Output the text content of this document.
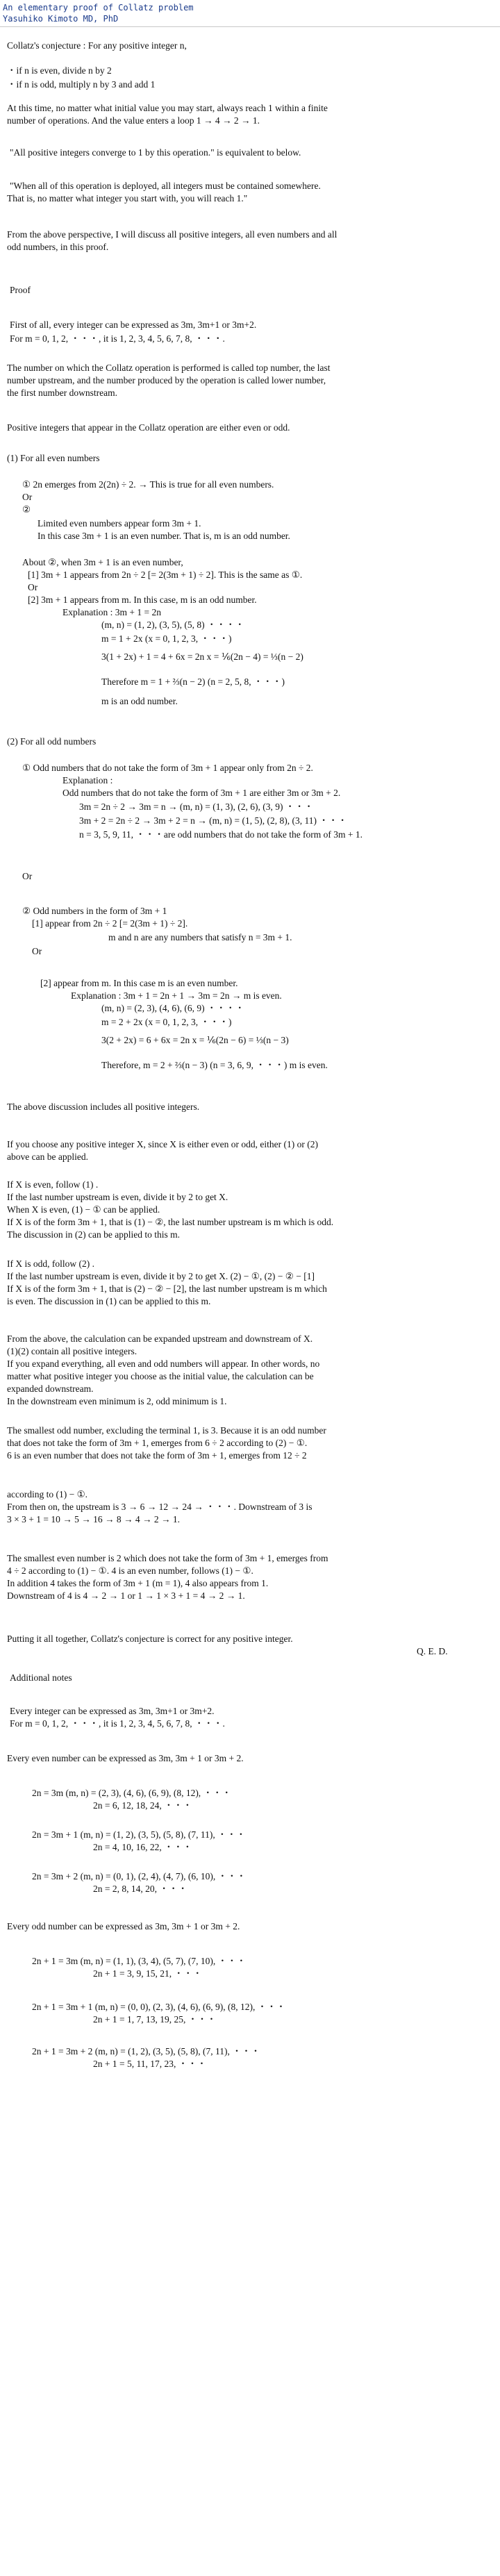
An elementary proof of Collatz problem
Yasuhiko Kimoto MD, PhD
Collatz's conjecture : For any positive integer n,
・if n is even, divide n by 2
・if n is odd, multiply n by 3 and add 1
At this time, no matter what initial value you may start, always reach 1 within a finite
number of operations. And the value enters a loop 1 → 4 → 2 → 1.
"All positive integers converge to 1 by this operation." is equivalent to below.
"When all of this operation is deployed, all integers must be contained somewhere.
That is, no matter what integer you start with, you will reach 1."
From the above perspective, I will discuss all positive integers, all even numbers and all
odd numbers, in this proof.
Proof
First of all, every integer can be expressed as 3m, 3m+1 or 3m+2.
For m = 0, 1, 2, ・・・, it is 1, 2, 3, 4, 5, 6, 7, 8, ・・・.
The number on which the Collatz operation is performed is called top number, the last
number upstream, and the number produced by the operation is called lower number,
the first number downstream.
Positive integers that appear in the Collatz operation are either even or odd.
(1) For all even numbers
① 2n emerges from 2(2n) ÷ 2. → This is true for all even numbers.
Or
②
Limited even numbers appear form 3m + 1.
In this case 3m + 1 is an even number. That is, m is an odd number.
About ②, when 3m + 1 is an even number,
[1] 3m + 1 appears from 2n ÷ 2 [= 2(3m + 1) ÷ 2]. This is the same as ①.
Or
[2] 3m + 1 appears from m. In this case, m is an odd number.
Explanation : 3m + 1 = 2n
(m, n) = (1, 2), (3, 5), (5, 8) ・・・・
m = 1 + 2x (x = 0, 1, 2, 3, ・・・)
3(1 + 2x) + 1 = 4 + 6x = 2n x = ⅙(2n − 4) = ⅓(n − 2)
Therefore m = 1 + ⅔(n − 2) (n = 2, 5, 8, ・・・)
m is an odd number.
(2) For all odd numbers
① Odd numbers that do not take the form of 3m + 1 appear only from 2n ÷ 2.
Explanation :
Odd numbers that do not take the form of 3m + 1 are either 3m or 3m + 2.
3m = 2n ÷ 2 → 3m = n → (m, n) = (1, 3), (2, 6), (3, 9) ・・・
3m + 2 = 2n ÷ 2 → 3m + 2 = n → (m, n) = (1, 5), (2, 8), (3, 11) ・・・
n = 3, 5, 9, 11, ・・・are odd numbers that do not take the form of 3m + 1.
Or
② Odd numbers in the form of 3m + 1
[1] appear from 2n ÷ 2 [= 2(3m + 1) ÷ 2].
m and n are any numbers that satisfy n = 3m + 1.
Or
[2] appear from m. In this case m is an even number.
Explanation : 3m + 1 = 2n + 1 → 3m = 2n → m is even.
(m, n) = (2, 3), (4, 6), (6, 9) ・・・・
m = 2 + 2x (x = 0, 1, 2, 3, ・・・)
3(2 + 2x) = 6 + 6x = 2n x = ⅙(2n − 6) = ⅓(n − 3)
Therefore, m = 2 + ⅔(n − 3) (n = 3, 6, 9, ・・・) m is even.
The above discussion includes all positive integers.
If you choose any positive integer X, since X is either even or odd, either (1) or (2)
above can be applied.
If X is even, follow (1) .
If the last number upstream is even, divide it by 2 to get X.
When X is even, (1) − ① can be applied.
If X is of the form 3m + 1, that is (1) − ②, the last number upstream is m which is odd.
The discussion in (2) can be applied to this m.
If X is odd, follow (2) .
If the last number upstream is even, divide it by 2 to get X. (2) − ①, (2) − ② − [1]
If X is of the form 3m + 1, that is (2) − ② − [2], the last number upstream is m which
is even. The discussion in (1) can be applied to this m.
From the above, the calculation can be expanded upstream and downstream of X.
(1)(2) contain all positive integers.
If you expand everything, all even and odd numbers will appear. In other words, no
matter what positive integer you choose as the initial value, the calculation can be
expanded downstream.
In the downstream even minimum is 2, odd minimum is 1.
The smallest odd number, excluding the terminal 1, is 3. Because it is an odd number
that does not take the form of 3m + 1, emerges from 6 ÷ 2 according to (2) − ①.
6 is an even number that does not take the form of 3m + 1, emerges from 12 ÷ 2
according to (1) − ①.
From then on, the upstream is 3 → 6 → 12 → 24 → ・・・. Downstream of 3 is
3 × 3 + 1 = 10 → 5 → 16 → 8 → 4 → 2 → 1.
The smallest even number is 2 which does not take the form of 3m + 1, emerges from
4 ÷ 2 according to (1) − ①. 4 is an even number, follows (1) − ①.
In addition 4 takes the form of 3m + 1 (m = 1), 4 also appears from 1.
Downstream of 4 is 4 → 2 → 1 or 1 → 1 × 3 + 1 = 4 → 2 → 1.
Putting it all together, Collatz's conjecture is correct for any positive integer.
Q. E. D.
Additional notes
Every integer can be expressed as 3m, 3m+1 or 3m+2.
For m = 0, 1, 2, ・・・, it is 1, 2, 3, 4, 5, 6, 7, 8, ・・・.
Every even number can be expressed as 3m, 3m + 1 or 3m + 2.
2n = 3m (m, n) = (2, 3), (4, 6), (6, 9), (8, 12), ・・・
2n = 6, 12, 18, 24, ・・・
2n = 3m + 1 (m, n) = (1, 2), (3, 5), (5, 8), (7, 11), ・・・
2n = 4, 10, 16, 22, ・・・
2n = 3m + 2 (m, n) = (0, 1), (2, 4), (4, 7), (6, 10), ・・・
2n = 2, 8, 14, 20, ・・・
Every odd number can be expressed as 3m, 3m + 1 or 3m + 2.
2n + 1 = 3m (m, n) = (1, 1), (3, 4), (5, 7), (7, 10), ・・・
2n + 1 = 3, 9, 15, 21, ・・・
2n + 1 = 3m + 1 (m, n) = (0, 0), (2, 3), (4, 6), (6, 9), (8, 12), ・・・
2n + 1 = 1, 7, 13, 19, 25, ・・・
2n + 1 = 3m + 2 (m, n) = (1, 2), (3, 5), (5, 8), (7, 11), ・・・
2n + 1 = 5, 11, 17, 23, ・・・
